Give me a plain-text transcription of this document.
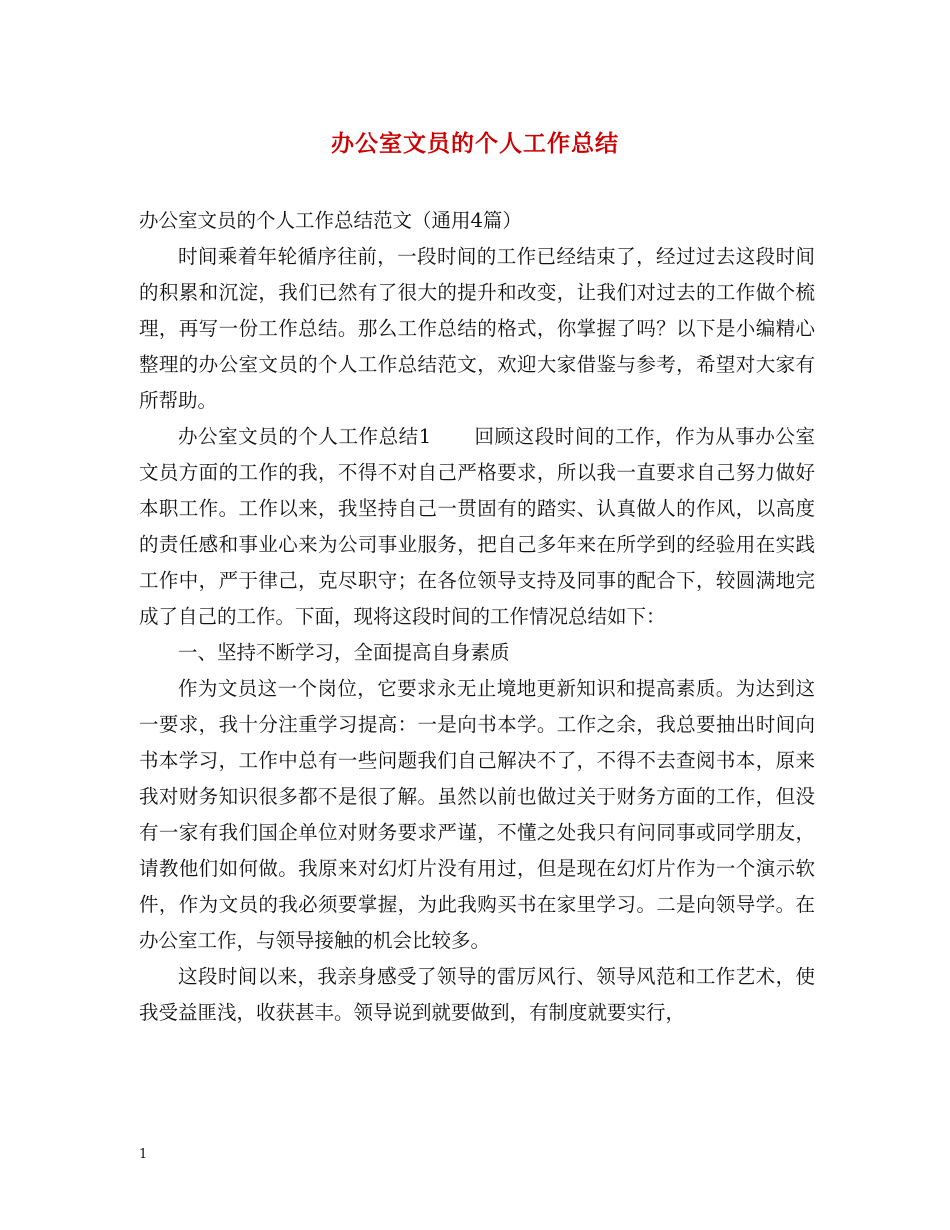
办公室文员的个人工作总结

办公室文员的个人工作总结范文（通用4篇）

时间乘着年轮循序往前，一段时间的工作已经结束了，经过过去这段时间的积累和沉淀，我们已然有了很大的提升和改变，让我们对过去的工作做个梳理，再写一份工作总结。那么工作总结的格式，你掌握了吗？以下是小编精心整理的办公室文员的个人工作总结范文，欢迎大家借鉴与参考，希望对大家有所帮助。

办公室文员的个人工作总结1 回顾这段时间的工作，作为从事办公室文员方面的工作的我，不得不对自己严格要求，所以我一直要求自己努力做好本职工作。工作以来，我坚持自己一贯固有的踏实、认真做人的作风，以高度的责任感和事业心来为公司事业服务，把自己多年来在所学到的经验用在实践工作中，严于律己，克尽职守；在各位领导支持及同事的配合下，较圆满地完成了自己的工作。下面，现将这段时间的工作情况总结如下：

一、坚持不断学习，全面提高自身素质

作为文员这一个岗位，它要求永无止境地更新知识和提高素质。为达到这一要求，我十分注重学习提高：一是向书本学。工作之余，我总要抽出时间向书本学习，工作中总有一些问题我们自己解决不了，不得不去查阅书本，原来我对财务知识很多都不是很了解。虽然以前也做过关于财务方面的工作，但没有一家有我们国企单位对财务要求严谨，不懂之处我只有问同事或同学朋友，请教他们如何做。我原来对幻灯片没有用过，但是现在幻灯片作为一个演示软件，作为文员的我必须要掌握，为此我购买书在家里学习。二是向领导学。在办公室工作，与领导接触的机会比较多。

这段时间以来，我亲身感受了领导的雷厉风行、领导风范和工作艺术，使我受益匪浅，收获甚丰。领导说到就要做到，有制度就要实行，

1
